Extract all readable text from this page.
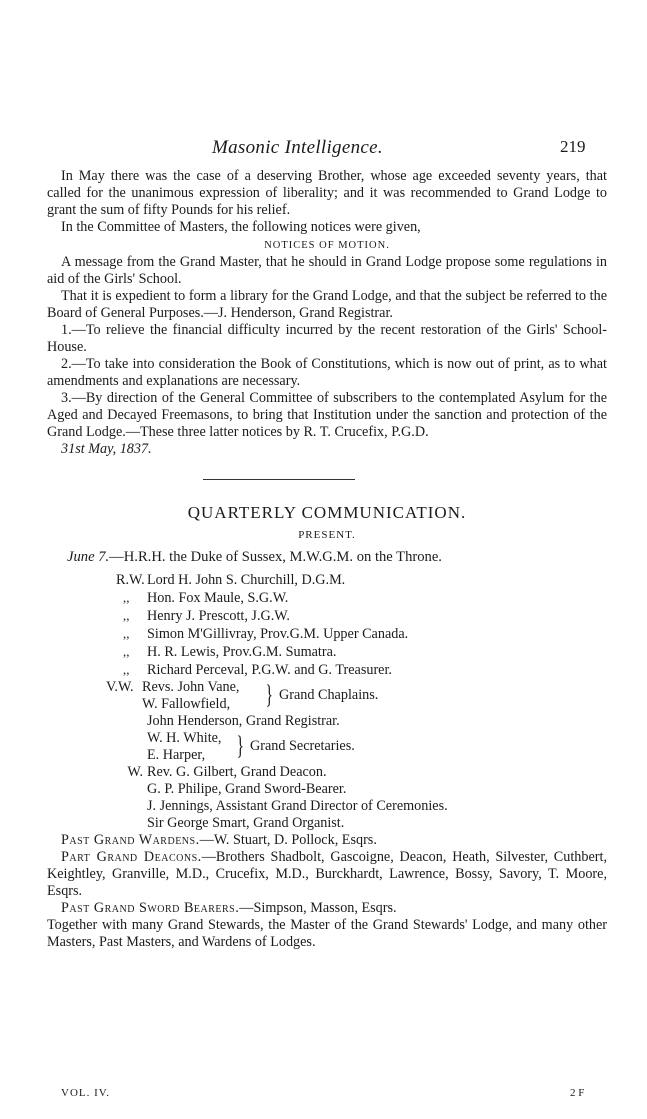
Masonic Intelligence.	219

In May there was the case of a deserving Brother, whose age exceeded seventy years, that called for the unanimous expression of liberality; and it was recommended to Grand Lodge to grant the sum of fifty Pounds for his relief.

In the Committee of Masters, the following notices were given,

NOTICES OF MOTION.

A message from the Grand Master, that he should in Grand Lodge propose some regulations in aid of the Girls' School.

That it is expedient to form a library for the Grand Lodge, and that the subject be referred to the Board of General Purposes.—J. Henderson, Grand Registrar.

1.—To relieve the financial difficulty incurred by the recent restoration of the Girls' School-House.

2.—To take into consideration the Book of Constitutions, which is now out of print, as to what amendments and explanations are necessary.

3.—By direction of the General Committee of subscribers to the contemplated Asylum for the Aged and Decayed Freemasons, to bring that Institution under the sanction and protection of the Grand Lodge.—These three latter notices by R. T. Crucefix, P.G.D.

31st May, 1837.

QUARTERLY COMMUNICATION.

PRESENT.

June 7.—H.R.H. the Duke of Sussex, M.W.G.M. on the Throne.

R.W. Lord H. John S. Churchill, D.G.M.
,, Hon. Fox Maule, S.G.W.
,, Henry J. Prescott, J.G.W.
,, Simon M'Gillivray, Prov.G.M. Upper Canada.
,, H. R. Lewis, Prov.G.M. Sumatra.
,, Richard Perceval, P.G.W. and G. Treasurer.
V.W. Revs. John Vane,
W. Fallowfield,	} Grand Chaplains.
John Henderson, Grand Registrar.
W. H. White,
E. Harper,	} Grand Secretaries.
W. Rev. G. Gilbert, Grand Deacon.
G. P. Philipe, Grand Sword-Bearer.
J. Jennings, Assistant Grand Director of Ceremonies.
Sir George Smart, Grand Organist.

Past Grand Wardens.—W. Stuart, D. Pollock, Esqrs.

Part Grand Deacons.—Brothers Shadbolt, Gascoigne, Deacon, Heath, Silvester, Cuthbert, Keightley, Granville, M.D., Crucefix, M.D., Burckhardt, Lawrence, Bossy, Savory, T. Moore, Esqrs.

Past Grand Sword Bearers.—Simpson, Masson, Esqrs.

Together with many Grand Stewards, the Master of the Grand Stewards' Lodge, and many other Masters, Past Masters, and Wardens of Lodges.

VOL. IV.	2 F
